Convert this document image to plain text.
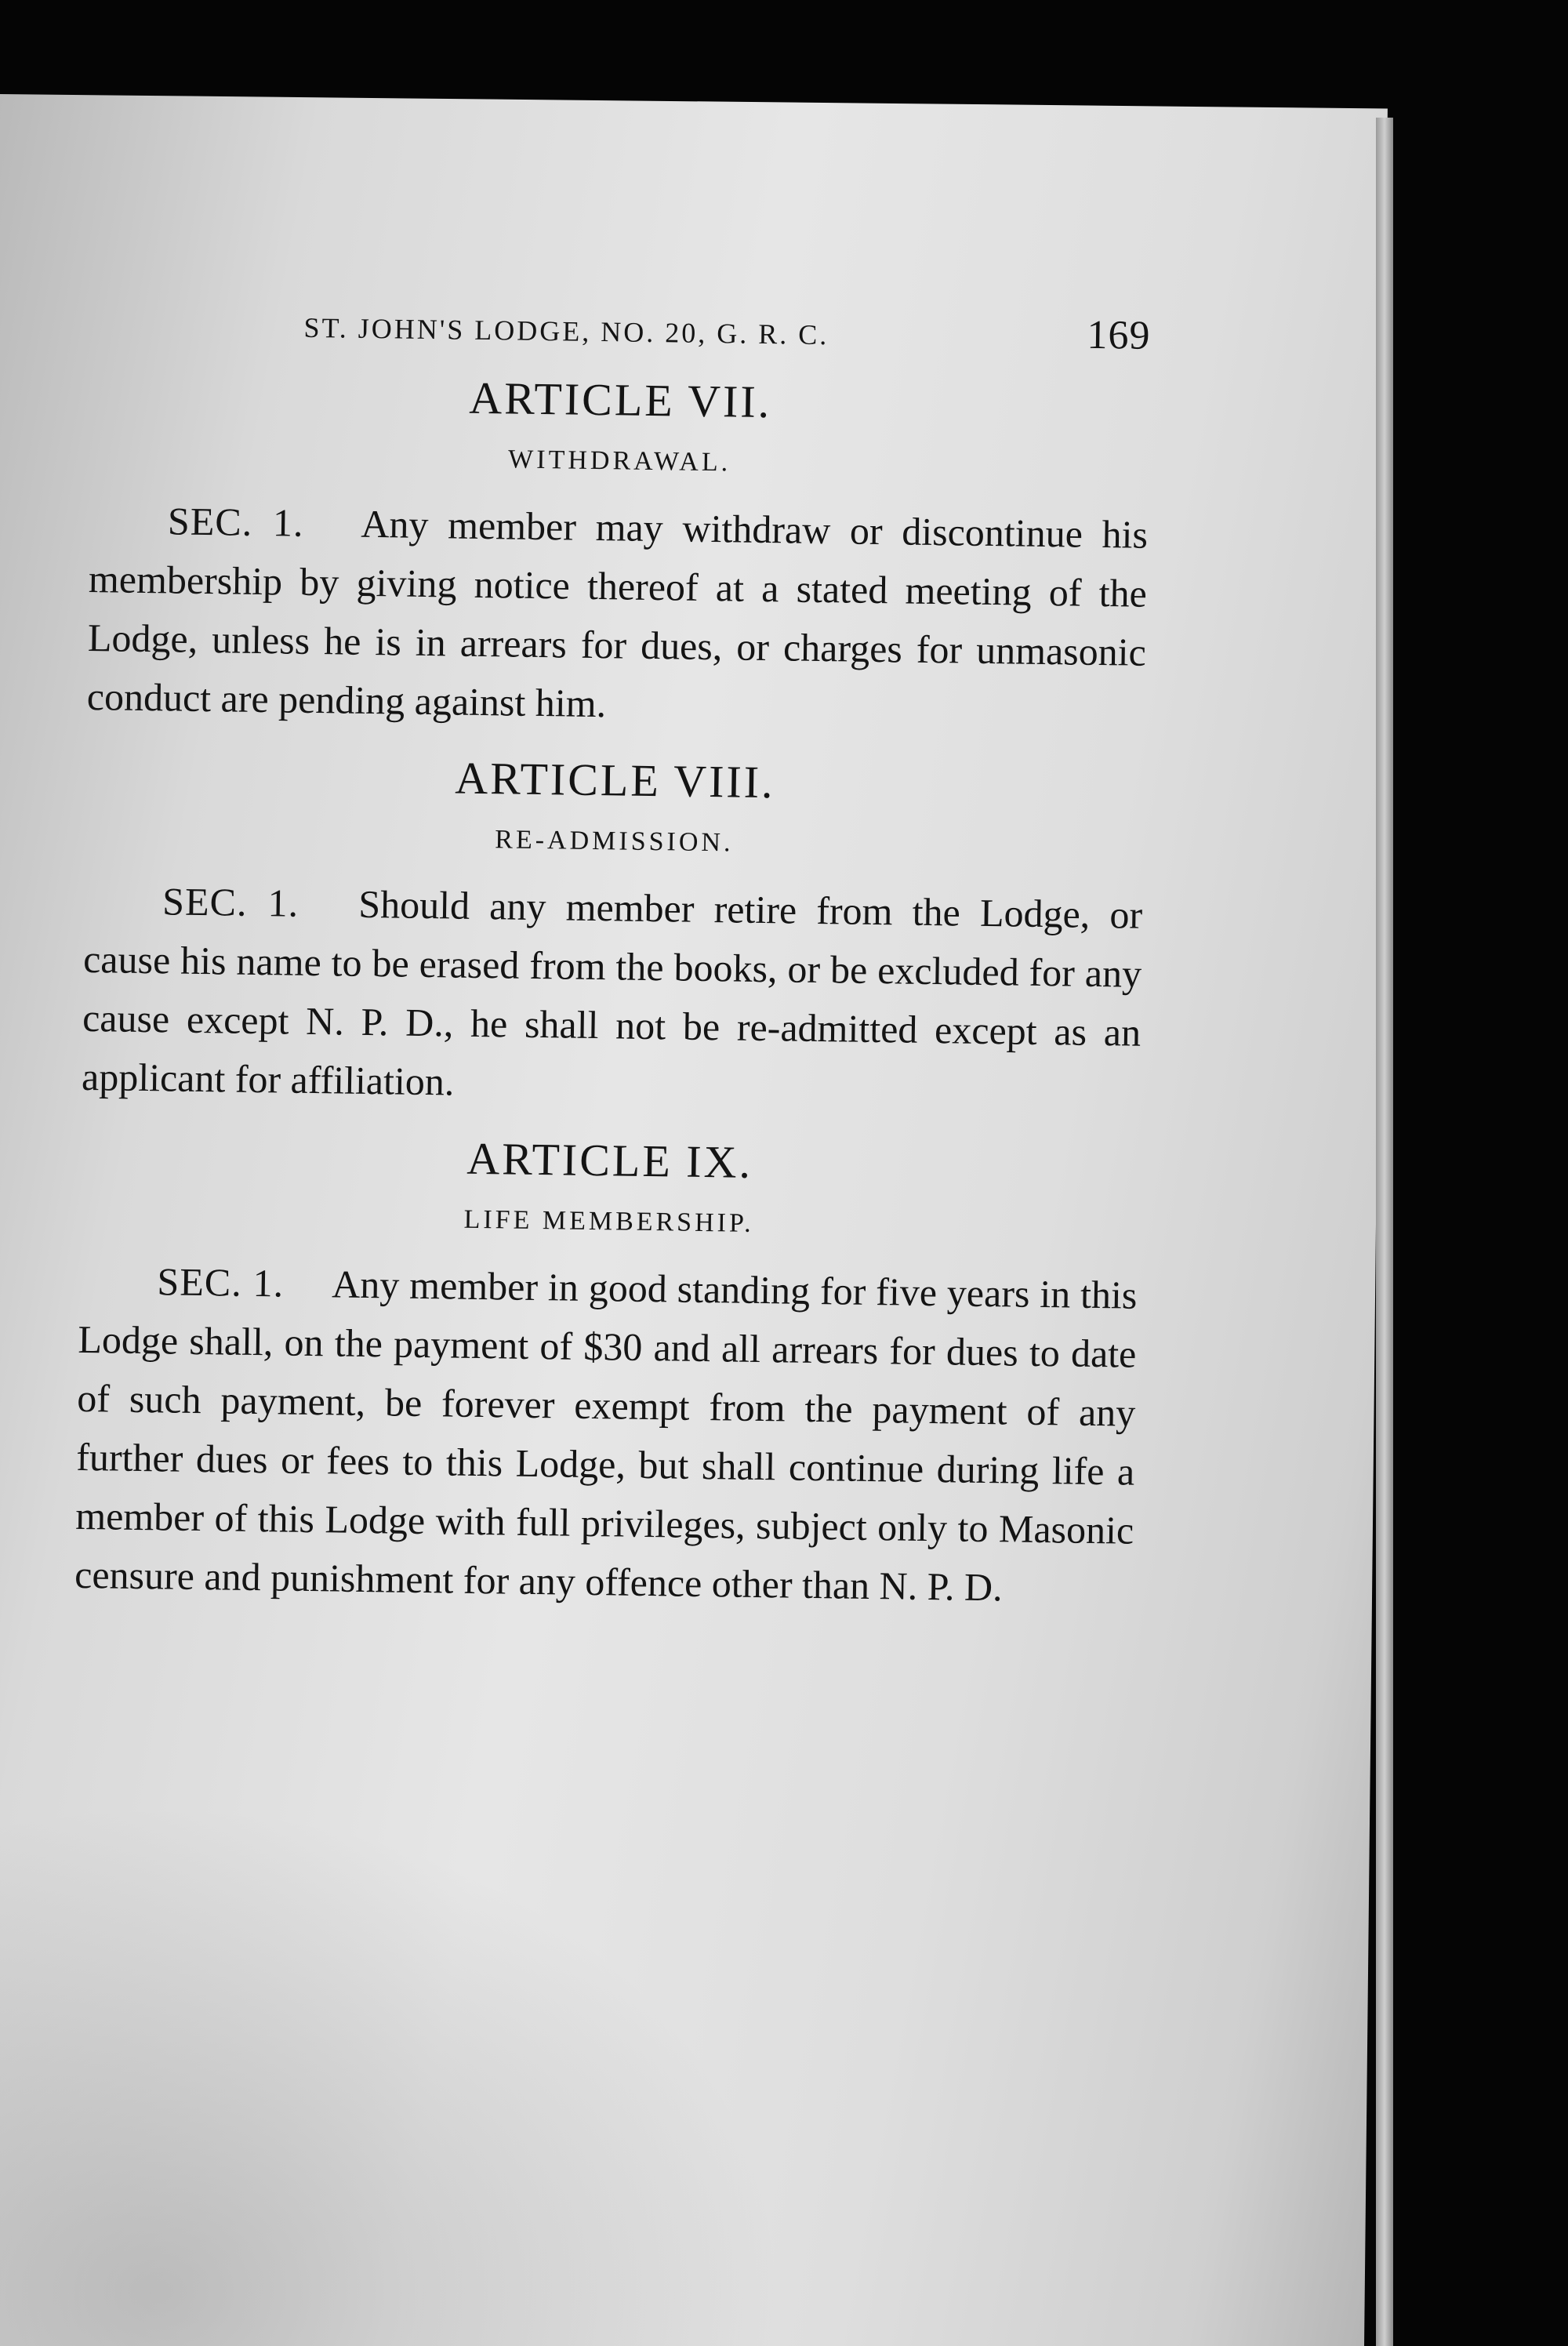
ST. JOHN'S LODGE, NO. 20, G. R. C.	169
ARTICLE VII.
WITHDRAWAL.

SEC. 1.  Any member may withdraw or discontinue his membership by giving notice thereof at a stated meeting of the Lodge, unless he is in arrears for dues, or charges for unmasonic conduct are pending against him.

ARTICLE VIII.
RE-ADMISSION.

SEC. 1.  Should any member retire from the Lodge, or cause his name to be erased from the books, or be excluded for any cause except N. P. D., he shall not be re-admitted except as an applicant for affiliation.

ARTICLE IX.
LIFE MEMBERSHIP.

SEC. 1.  Any member in good standing for five years in this Lodge shall, on the payment of $30 and all arrears for dues to date of such payment, be forever exempt from the payment of any further dues or fees to this Lodge, but shall continue during life a member of this Lodge with full privileges, subject only to Masonic censure and punishment for any offence other than N. P. D.
